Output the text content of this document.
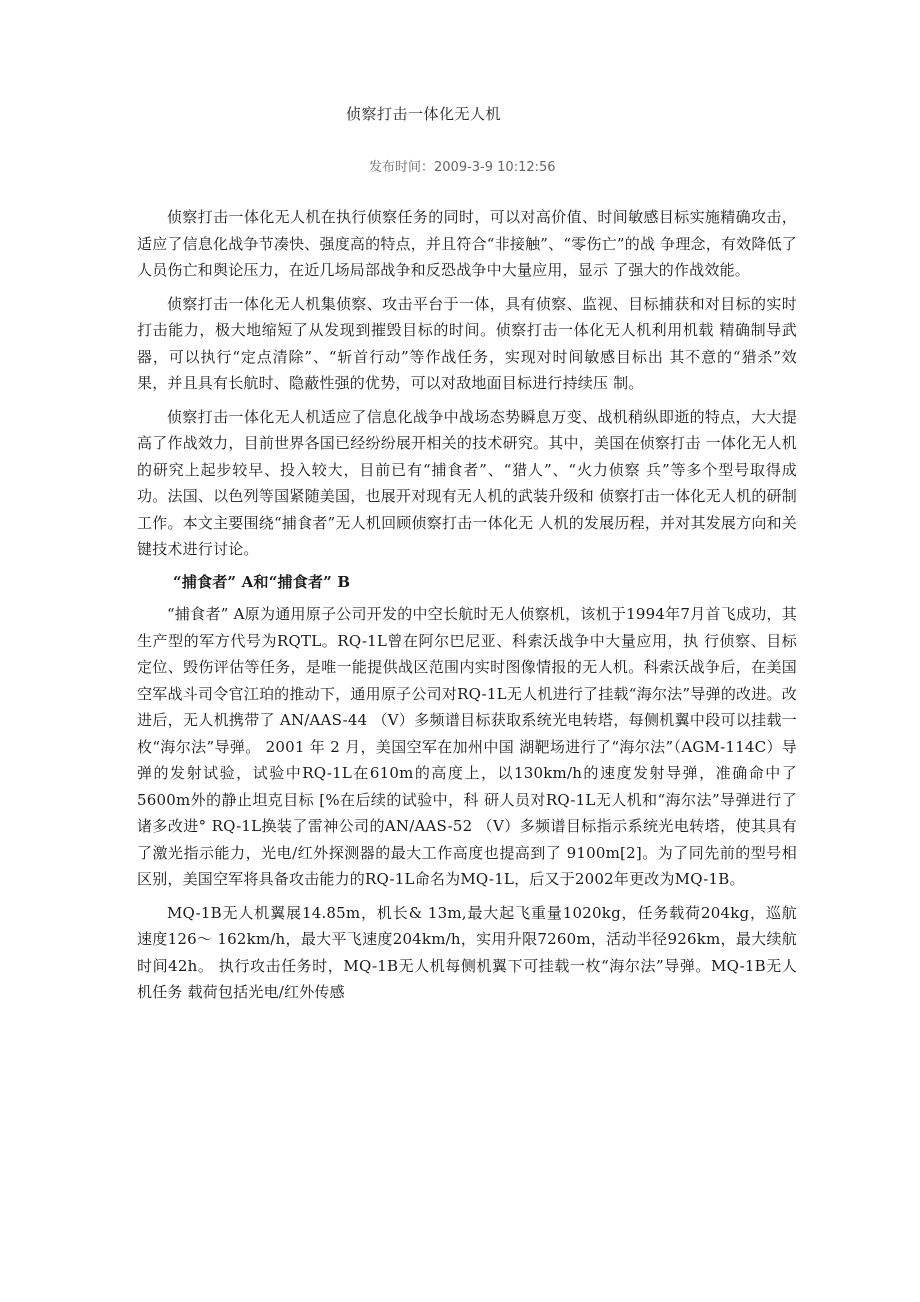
侦察打击一体化无人机
发布时间：2009-3-9 10:12:56

侦察打击一体化无人机在执行侦察任务的同时，可以对高价值、时间敏感目标实施精确攻击，适应了信息化战争节凑快、强度高的特点，并且符合“非接触”、“零伤亡”的战 争理念，有效降低了人员伤亡和舆论压力，在近几场局部战争和反恐战争中大量应用，显示 了强大的作战效能。

侦察打击一体化无人机集侦察、攻击平台于一体，具有侦察、监视、目标捕获和对目标的实时打击能力，极大地缩短了从发现到摧毁目标的时间。侦察打击一体化无人机利用机载 精确制导武器，可以执行“定点清除”、“斩首行动”等作战任务，实现对时间敏感目标出 其不意的“猎杀”效果，并且具有长航时、隐蔽性强的优势，可以对敌地面目标进行持续压 制。

侦察打击一体化无人机适应了信息化战争中战场态势瞬息万变、战机稍纵即逝的特点，大大提高了作战效力，目前世界各国已经纷纷展开相关的技术研究。其中，美国在侦察打击 一体化无人机的研究上起步较早、投入较大，目前已有“捕食者”、“猎人”、“火力侦察 兵”等多个型号取得成功。法国、以色列等国紧随美国，也展开对现有无人机的武装升级和 侦察打击一体化无人机的研制工作。本文主要围绕“捕食者”无人机回顾侦察打击一体化无 人机的发展历程，并对其发展方向和关键技术进行讨论。

“捕食者” A和“捕食者” B

“捕食者” A原为通用原子公司开发的中空长航时无人侦察机，该机于1994年7月首飞成功，其生产型的军方代号为RQTL。RQ-1L曾在阿尔巴尼亚、科索沃战争中大量应用，执 行侦察、目标定位、毁伤评估等任务，是唯一能提供战区范围内实时图像情报的无人机。科索沃战争后，在美国空军战斗司令官江珀的推动下，通用原子公司对RQ-1L无人机进行了挂载“海尔法”导弹的改进。改进后，无人机携带了 AN/AAS-44 （V）多频谱目标获取系统光电转塔，每侧机翼中段可以挂载一枚“海尔法”导弹。 2001 年 2 月，美国空军在加州中国 湖靶场进行了“海尔法”（AGM-114C）导弹的发射试验，试验中RQ-1L在610m的高度上，以130km/h的速度发射导弹，准确命中了 5600m外的静止坦克目标 [%在后续的试验中，科 研人员对RQ-1L无人机和“海尔法”导弹进行了诸多改进° RQ-1L换装了雷神公司的AN/AAS-52 （V）多频谱目标指示系统光电转塔，使其具有了激光指示能力，光电/红外探测器的最大工作高度也提高到了 9100m[2]。为了同先前的型号相区别，美国空军将具备攻击能力的RQ-1L命名为MQ-1L，后又于2002年更改为MQ-1B。

MQ-1B无人机翼展14.85m，机长& 13m,最大起飞重量1020kg，任务载荷204kg，巡航 速度126～ 162km/h，最大平飞速度204km/h，实用升限7260m，活动半径926km，最大续航时间42h。 执行攻击任务时，MQ-1B无人机每侧机翼下可挂载一枚“海尔法”导弹。MQ-1B无人机任务 载荷包括光电/红外传感
